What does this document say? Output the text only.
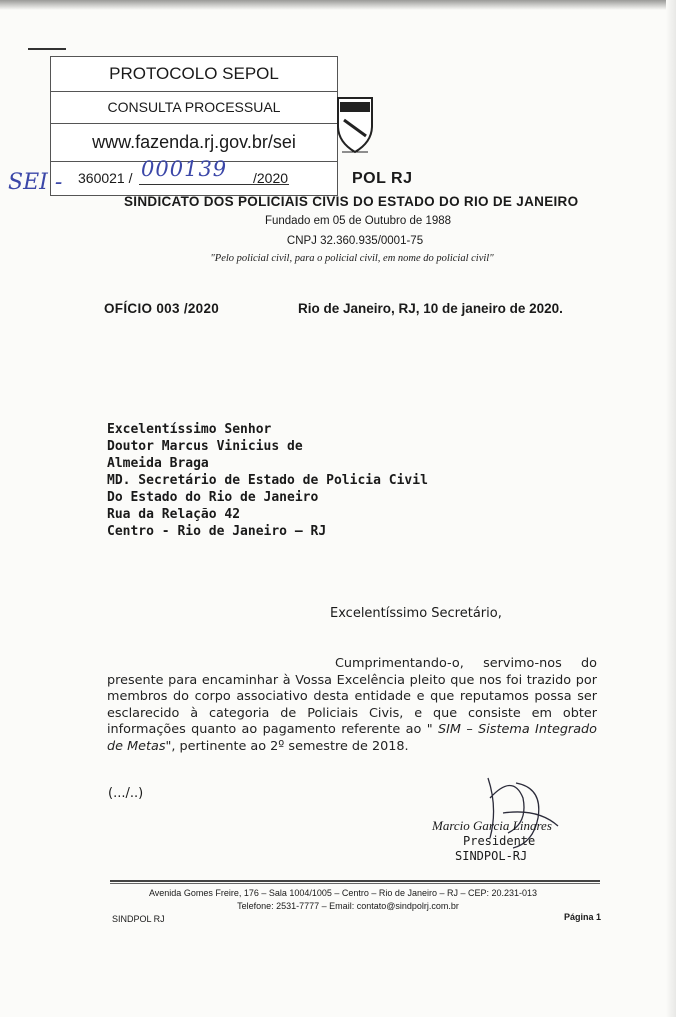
PROTOCOLO SEPOL
CONSULTA PROCESSUAL
www.fazenda.rj.gov.br/sei
360021 / 000139 /2020
SEI -	POL RJ
SINDICATO DOS POLICIAIS CIVIS DO ESTADO DO RIO DE JANEIRO
Fundado em 05 de Outubro de 1988
CNPJ 32.360.935/0001-75
"Pelo policial civil, para o policial civil, em nome do policial civil"
OFÍCIO 003 /2020	Rio de Janeiro, RJ, 10 de janeiro de 2020.
Excelentíssimo Senhor
Doutor Marcus Vinicius de
Almeida Braga
MD. Secretário de Estado de Policia Civil
Do Estado do Rio de Janeiro
Rua da Relação 42
Centro - Rio de Janeiro – RJ
Excelentíssimo Secretário,
Cumprimentando-o, servimo-nos do presente para encaminhar à Vossa Excelência pleito que nos foi trazido por membros do corpo associativo desta entidade e que reputamos possa ser esclarecido à categoria de Policiais Civis, e que consiste em obter informações quanto ao pagamento referente ao " SIM – Sistema Integrado de Metas", pertinente ao 2º semestre de 2018.
(.../..)
Marcio Garcia Linares
Presidente
SINDPOL-RJ
Avenida Gomes Freire, 176 – Sala 1004/1005 – Centro – Rio de Janeiro – RJ – CEP: 20.231-013
Telefone: 2531-7777 – Email: contato@sindpolrj.com.br
SINDPOL RJ	Página 1
